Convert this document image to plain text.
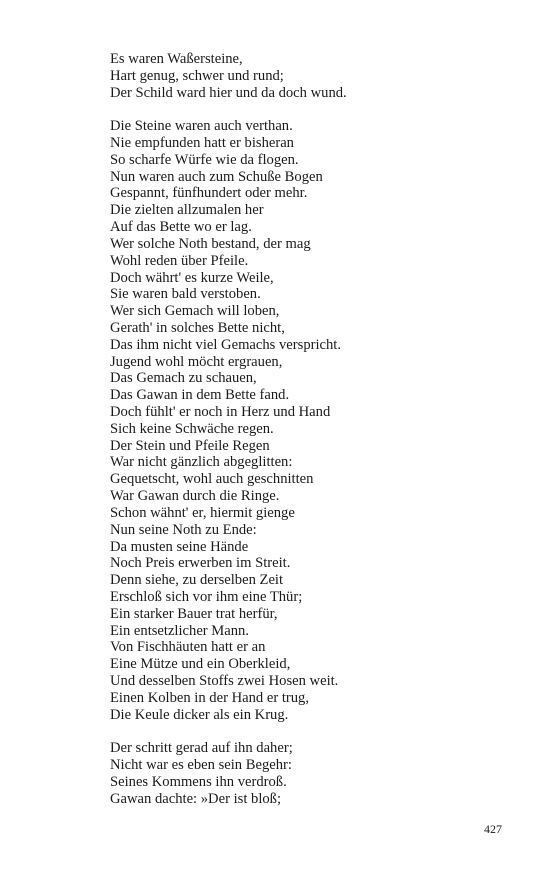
Es waren Waßersteine,
Hart genug, schwer und rund;
Der Schild ward hier und da doch wund.
Die Steine waren auch verthan.
Nie empfunden hatt er bisheran
So scharfe Würfe wie da flogen.
Nun waren auch zum Schuße Bogen
Gespannt, fünfhundert oder mehr.
Die zielten allzumalen her
Auf das Bette wo er lag.
Wer solche Noth bestand, der mag
Wohl reden über Pfeile.
Doch währt' es kurze Weile,
Sie waren bald verstoben.
Wer sich Gemach will loben,
Gerath' in solches Bette nicht,
Das ihm nicht viel Gemachs verspricht.
Jugend wohl möcht ergrauen,
Das Gemach zu schauen,
Das Gawan in dem Bette fand.
Doch fühlt' er noch in Herz und Hand
Sich keine Schwäche regen.
Der Stein und Pfeile Regen
War nicht gänzlich abgeglitten:
Gequetscht, wohl auch geschnitten
War Gawan durch die Ringe.
Schon wähnt' er, hiermit gienge
Nun seine Noth zu Ende:
Da musten seine Hände
Noch Preis erwerben im Streit.
Denn siehe, zu derselben Zeit
Erschloß sich vor ihm eine Thür;
Ein starker Bauer trat herfür,
Ein entsetzlicher Mann.
Von Fischhäuten hatt er an
Eine Mütze und ein Oberkleid,
Und desselben Stoffs zwei Hosen weit.
Einen Kolben in der Hand er trug,
Die Keule dicker als ein Krug.
Der schritt gerad auf ihn daher;
Nicht war es eben sein Begehr:
Seines Kommens ihn verdroß.
Gawan dachte: »Der ist bloß;
427
